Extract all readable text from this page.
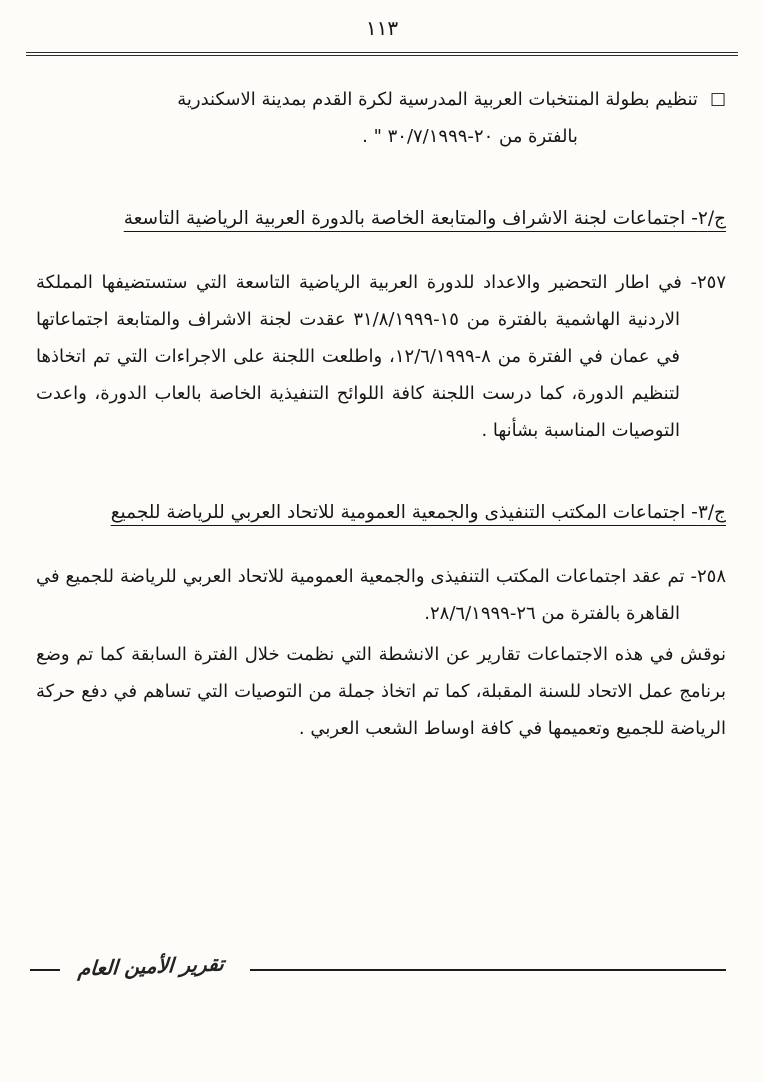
١١٣
□
تنظيم بطولة المنتخبات العربية المدرسية لكرة القدم بمدينة الاسكندرية
بالفترة من ٢٠-٣٠/٧/١٩٩٩ " .
ج/٢- اجتماعات لجنة الاشراف والمتابعة الخاصة بالدورة العربية الرياضية التاسعة

٢٥٧- في اطار التحضير والاعداد للدورة العربية الرياضية التاسعة التي ستستضيفها المملكة الاردنية الهاشمية بالفترة من ١٥-٣١/٨/١٩٩٩ عقدت لجنة الاشراف والمتابعة اجتماعاتها في عمان في الفترة من ٨-١٢/٦/١٩٩٩، واطلعت اللجنة على الاجراءات التي تم اتخاذها لتنظيم الدورة، كما درست اللجنة كافة اللوائح التنفيذية الخاصة بالعاب الدورة، واعدت التوصيات المناسبة بشأنها .

ج/٣- اجتماعات المكتب التنفيذى والجمعية العمومية للاتحاد العربي للرياضة للجميع

٢٥٨- تم عقد اجتماعات المكتب التنفيذى والجمعية العمومية للاتحاد العربي للرياضة للجميع في القاهرة بالفترة من ٢٦-٢٨/٦/١٩٩٩.

نوقش في هذه الاجتماعات تقارير عن الانشطة التي نظمت خلال الفترة السابقة كما تم وضع برنامج عمل الاتحاد للسنة المقبلة، كما تم اتخاذ جملة من التوصيات التي تساهم في دفع حركة الرياضة للجميع وتعميمها في كافة اوساط الشعب العربي .

تقرير الأمين العام
